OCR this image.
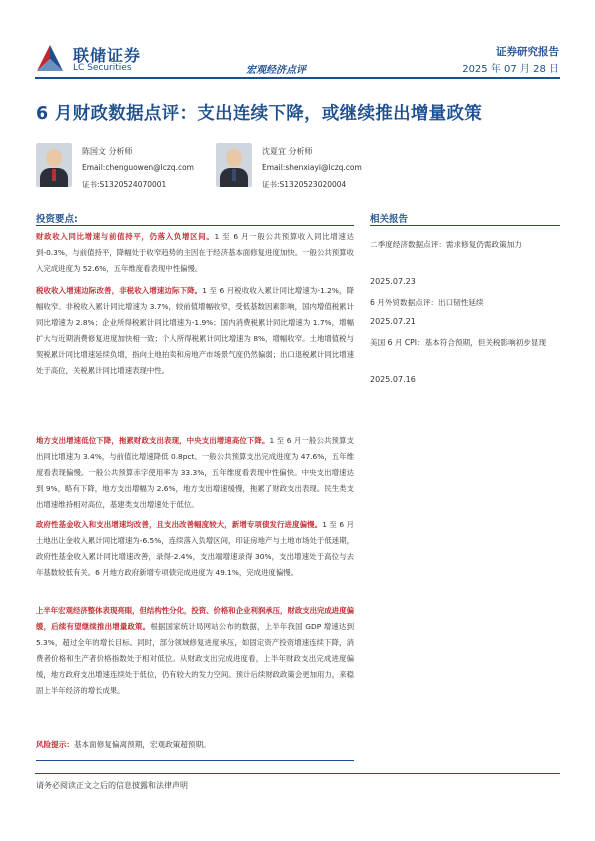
联储证券
LC Securities	宏观经济点评
证券研究报告
2025 年 07 月 28 日
6 月财政数据点评：支出连续下降，或继续推出增量政策
陈国文 分析师
Email:chenguowen@lczq.com
证书:S1320524070001
沈夏宜 分析师
Email:shenxiayi@lczq.com
证书:S1320523020004
投资要点:

财政收入同比增速与前值持平，仍落入负增区间。1 至 6 月一般公共预算收入同比增速达到-0.3%，与前值持平，降幅处于收窄趋势的主因在于经济基本面修复进度加快。一般公共预算收入完成进度为 52.6%，五年维度看表现中性偏慢。

税收收入增速边际改善，非税收入增速边际下降。1 至 6 月税收收入累计同比增速为-1.2%，降幅收窄。非税收入累计同比增速为 3.7%，较前值增幅收窄，受低基数因素影响，国内增值税累计同比增速为 2.8%；企业所得税累计同比增速为-1.9%；国内消费税累计同比增速为 1.7%，增幅扩大与近期消费修复进度加快相一致；个人所得税累计同比增速为 8%，增幅收窄。土地增值税与契税累计同比增速延续负增，指向土地拍卖和房地产市场景气度仍然偏弱；出口退税累计同比增速处于高位，关税累计同比增速表现中性。

地方支出增速低位下降，拖累财政支出表现，中央支出增速高位下降。1 至 6 月一般公共预算支出同比增速为 3.4%，与前值比增速降低 0.8pct。一般公共预算支出完成进度为 47.6%，五年维度看表现偏慢。一般公共预算赤字使用率为 33.3%，五年维度看表现中性偏快。中央支出增速达到 9%，略有下降，地方支出增幅为 2.6%，地方支出增速缓慢，拖累了财政支出表现。民生类支出增速维持相对高位，基建类支出增速处于低位。

政府性基金收入和支出增速均改善，且支出改善幅度较大，新增专项债发行进度偏慢。1 至 6 月土地出让金收入累计同比增速为-6.5%，连续落入负增区间，印证房地产与土地市场处于低迷期，政府性基金收入累计同比增速改善，录得-2.4%，支出端增速录得 30%，支出增速处于高位与去年基数较低有关。6 月地方政府新增专项债完成进度为 49.1%，完成进度偏慢。

上半年宏观经济整体表现亮眼，但结构性分化，投资、价格和企业利润承压，财政支出完成进度偏缓，后续有望继续推出增量政策。根据国家统计局网站公布的数据，上半年我国 GDP 增速达到 5.3%，超过全年的增长目标。同时，部分领域修复进度承压，如固定资产投资增速连续下降，消费者价格和生产者价格指数处于相对低位。从财政支出完成进度看，上半年财政支出完成进度偏缓，地方政府支出增速连续处于低位，仍有较大的发力空间。预计后续财政政策会更加用力，来稳固上半年经济的增长成果。

风险提示：基本面修复偏离预期，宏观政策超预期。
相关报告
二季度经济数据点评：需求修复仍需政策加力
2025.07.23
6 月外贸数据点评：出口韧性延续
2025.07.21
美国 6 月 CPI：基本符合预期，但关税影响初步显现
2025.07.16
请务必阅读正文之后的信息披露和法律声明
